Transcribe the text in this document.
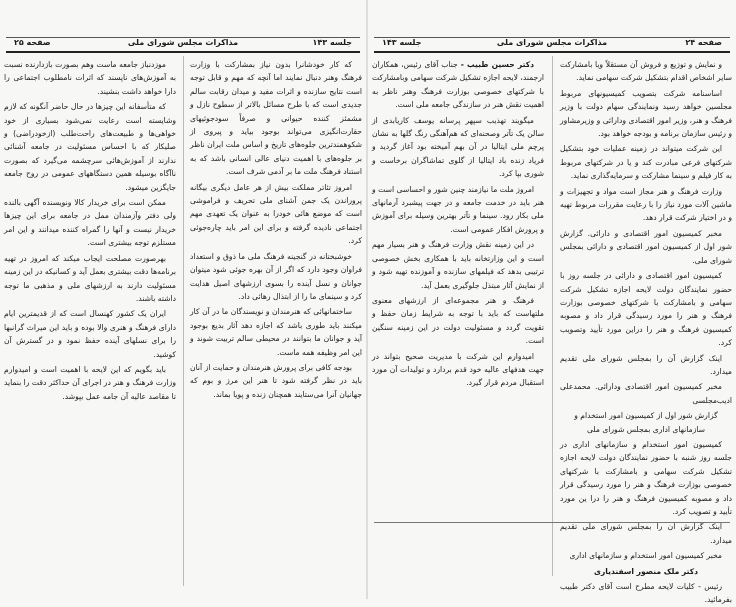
جلسه ۱۴۳
مذاکرات مجلس شورای ملی
صفحه ۲۵

که کار خودشانرا بدون نیاز بمشارکت با وزارت فرهنگ وهنر دنبال نمایند اما آنچه که مهم و قابل توجه است نتایج سازنده و اثرات مفید و میدان رقابت سالم جدیدی است که با طرح مسائل بالاتر از سطوح نازل و مشمئز کننده حیوانی و صرفاً سودجوئیهای حقارت‌انگیزی‌ می‌تواند بوجود بیاید و پیروی از شکوهمندترین جلوه‌های تاریخ و اساس ملت ایران ناظر بر جلوه‌های با اهمیت دنیای عالی انسانی باشد که به استناد فرهنگ ملت ما بر آدمی شرف است.

امروز تئاتر مملکت بیش از هر عامل دیگری بیگانه پروراندن یک جمن آشنای ملی تحریف و فراموشی است که موضع‌ هائی خودرا به عنوان یک تعهدی مهم اجتماعی نادیده گرفته و برای این امر باید چاره‌جوئی کرد.

خوشبختانه در گنجینه فرهنگ ملی ما ذوق و استعداد فراوان وجود دارد که اگر از آن بهره جوئی شود میتوان جوانان و نسل آینده را بسوی ارزشهای اصیل هدایت کرد و سینمای ما را از ابتذال رهائی داد.

ساختمانهائی که هنرمندان و نویسندگان ما در آن کار میکنند باید طوری باشد که اجازه دهد آثار بدیع بوجود آید و جوانان ما بتوانند در محیطی سالم تربیت شوند و این امر وظیفه همه ماست.

بودجه کافی برای پرورش هنرمندان و حمایت از آنان باید در نظر گرفته شود تا هنر این مرز و بوم که جهانیان آنرا می‌ستایند همچنان زنده و پویا بماند.

موزدنباز جامعه ماست وهم بصورت بازدارنده نسبت به آموزش‌های ناپسند که اثرات نامطلوب اجتماعی را دارا خواهد داشت بنشیند.

که متأسفانه این چیزها در حال حاضر آنگونه که لازم وشایسته است رعایت نمی‌شود بسیاری از خود خواهی‌ها و طبیعت‌های راحت‌طلب (ازخودراضی) و صلیکار که با احساس مسئولیت در جامعه آشنائی ندارند از آموزش‌هائی سرچشمه می‌گیرد که بصورت ناآگاه بوسیله همین دستگاههای عمومی در روح جامعه جایگزین میشود.

ممکن است برای خریدار کالا ونویسنده آگهی بالنده ولی دفتر وآزمندان ممل در جامعه برای این چیزها خریدار نیست و آنها را گمراه کننده میدانند و این امر مستلزم توجه بیشتری است.

بهرصورت مصلحت ایجاب میکند که امروز در تهیه برنامه‌ها دقت بیشتری بعمل آید و کسانیکه در این زمینه مسئولیت دارند به ارزشهای ملی و مذهبی ما توجه داشته باشند.

ایران یک کشور کهنسال است که از قدیمترین ایام دارای فرهنگ و هنری والا بوده و باید این میراث گرانبها را برای نسلهای آینده حفظ نمود و در گسترش آن کوشید.

باید بگویم که این لایحه با اهمیت است و امیدوارم وزارت فرهنگ و هنر در اجرای آن حداکثر دقت را بنماید تا مقاصد عالیه آن جامه عمل بپوشد.

صفحه ۲۴
مذاکرات مجلس شورای ملی
جلسه ۱۴۳

و نمایش و توزیع و فروش آن مستقلاً ویا بامشارکت سایر اشخاص اقدام بتشکیل شرکت سهامی نماید.

اساسنامه شرکت بتصویب کمیسیونهای مربوط مجلسین خواهد رسید ونمایندگی سهام دولت با وزیر فرهنگ و هنر، وزیر امور اقتصادی ودارائی و وزیرمشاور و رئیس سازمان برنامه و بودجه خواهد بود.

این شرکت میتواند در زمینه عملیات خود بتشکیل شرکتهای فرعی مبادرت کند و یا در شرکتهای مربوط به کار فیلم و سینما مشارکت و سرمایه‌گذاری نماید.

وزارت فرهنگ و هنر مجاز است مواد و تجهیزات و ماشین آلات مورد نیاز را با رعایت مقررات مربوط تهیه و در اختیار شرکت قرار دهد.

مخبر کمیسیون امور اقتصادی و دارائی. گزارش شور اول از کمیسیون امور اقتصادی و دارائی بمجلس شورای ملی.

کمیسیون امور اقتصادی و دارائی در جلسه روز با حضور نمایندگان دولت لایحه اجازه تشکیل شرکت سهامی و بامشارکت با شرکتهای خصوصی بوزارت فرهنگ و هنر را مورد رسیدگی قرار داد و مصوبه کمیسیون فرهنگ و هنر را دراین مورد تأیید وتصویب کرد.

اینک گزارش آن را بمجلس شورای ملی تقدیم میدارد.

مخبر کمیسیون امور اقتصادی ودارائی. محمدعلی ادیب‌مجلسی

گزارش شور اول از کمیسیون امور استخدام و سازمانهای اداری بمجلس شورای ملی

کمیسیون امور استخدام و سازمانهای اداری در جلسه روز شنبه با حضور نمایندگان دولت لایحه اجازه تشکیل شرکت سهامی و بامشارکت با شرکتهای خصوصی بوزارت فرهنگ و هنر را مورد رسیدگی قرار داد و مصوبه کمیسیون فرهنگ و هنر را درا ین مورد تأیید و تصویب کرد.

اینک گزارش آن را بمجلس شورای ملی تقدیم میدارد.

مخبر کمیسیون امور استخدام و سازمانهای اداری

دکتر ملک منصور اسفندیاری

رئیس - کلیات لایحه مطرح است آقای دکتر طبیب بفرمائید.

دکتر حسین طبیب - جناب آقای رئیس، همکاران ارجمند، لایحه اجازه تشکیل شرکت سهامی وبامشارکت با شرکتهای خصوصی بوزارت فرهنگ وهنر ناظر به اهمیت نقش هنر در سازندگی جامعه ملی است.

میگویند تهذیب سپهر پرسانه یوسف کاریابدی از سالن یک تآتر وصحنه‌ای که هم‌آهنگی رنگ گلها به نشان پرچم ملی ایتالیا در آن بهم آمیخته بود آغاز گردید و فریاد زنده باد ایتالیا از گلوی تماشاگران برخاست و شوری بپا کرد.

امروز ملت ما نیازمند چنین شور و احساسی است و هنر باید در خدمت جامعه و در جهت پیشبرد آرمانهای ملی بکار رود. سینما و تآتر بهترین وسیله برای آموزش و پرورش افکار عمومی است.

در این زمینه نقش وزارت فرهنگ و هنر بسیار مهم است و این وزارتخانه باید با همکاری بخش خصوصی ترتیبی بدهد که فیلمهای سازنده و آموزنده تهیه شود و از نمایش آثار مبتذل جلوگیری بعمل آید.

فرهنگ و هنر مجموعه‌ای از ارزشهای معنوی ملتهاست که باید با توجه به شرایط زمان حفظ و تقویت گردد و مسئولیت دولت در این زمینه سنگین است.

امیدوارم این شرکت با مدیریت صحیح بتواند در جهت هدفهای عالیه خود قدم بردارد و تولیدات آن مورد استقبال مردم قرار گیرد.
